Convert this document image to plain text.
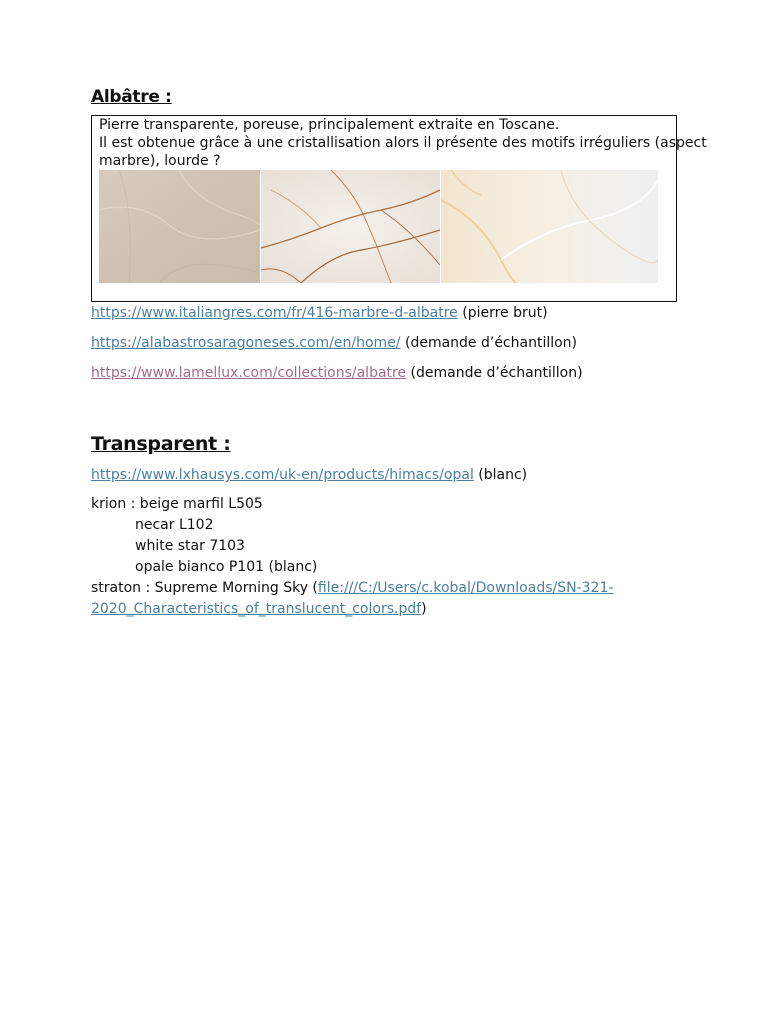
Albâtre :

Pierre transparente, poreuse, principalement extraite en Toscane.
Il est obtenue grâce à une cristallisation alors il présente des motifs irréguliers (aspect
marbre), lourde ?

https://www.italiangres.com/fr/416-marbre-d-albatre (pierre brut)

https://alabastrosaragoneses.com/en/home/ (demande d’échantillon)

https://www.lamellux.com/collections/albatre (demande d’échantillon)

Transparent :

https://www.lxhausys.com/uk-en/products/himacs/opal (blanc)

krion : beige marfil L505
necar L102
white star 7103
opale bianco P101 (blanc)
straton : Supreme Morning Sky (file:///C:/Users/c.kobal/Downloads/SN-321-
2020_Characteristics_of_translucent_colors.pdf)
